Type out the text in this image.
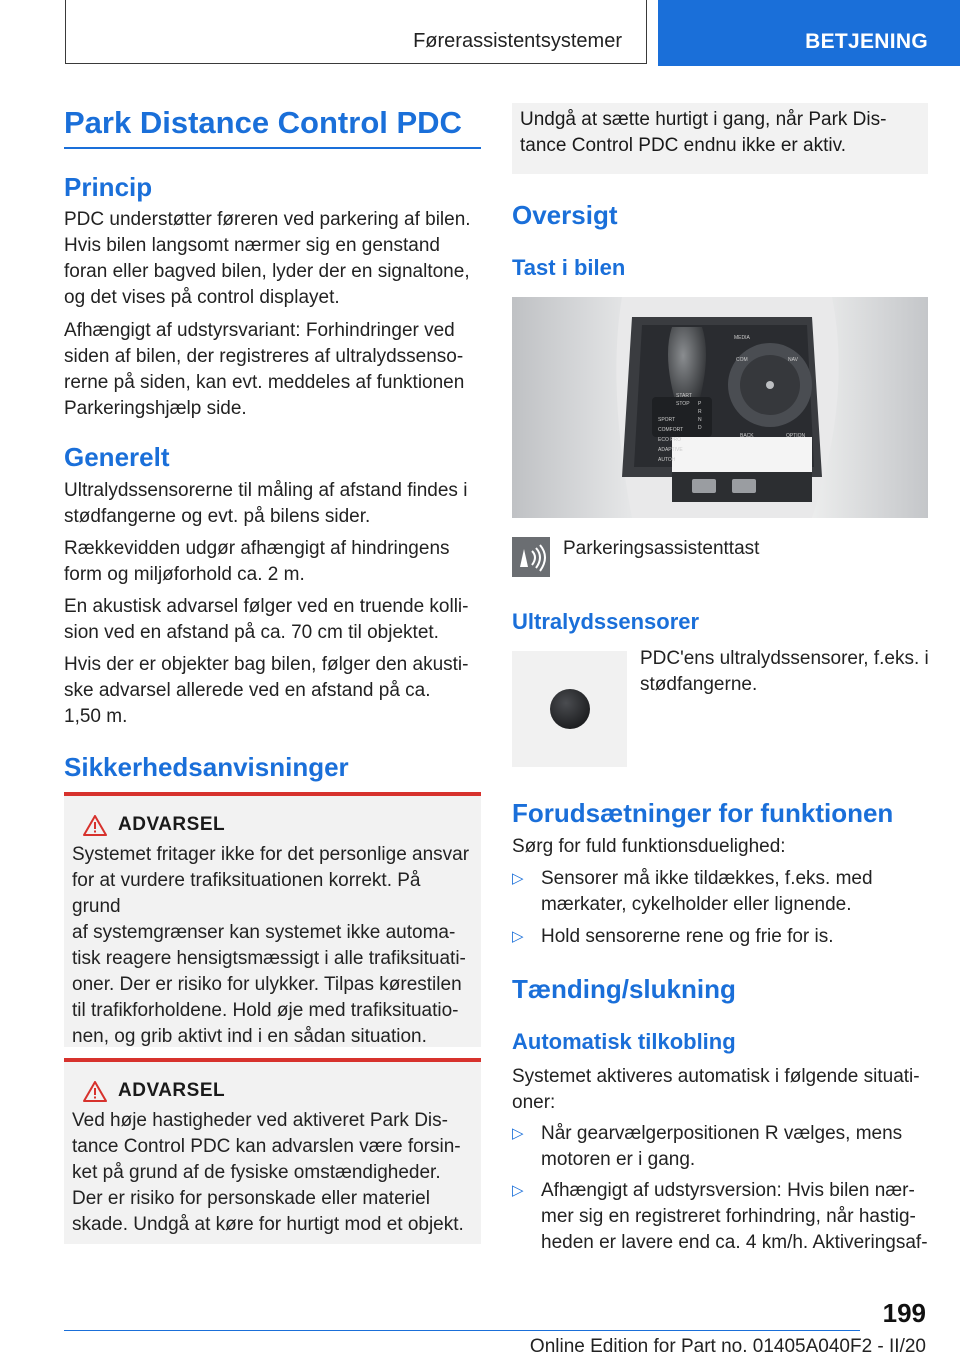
Førerassistentsystemer	BETJENING
Park Distance Control PDC
Princip

PDC understøtter føreren ved parkering af bilen.
Hvis bilen langsomt nærmer sig en genstand
foran eller bagved bilen, lyder der en signaltone,
og det vises på control displayet.

Afhængigt af udstyrsvariant: Forhindringer ved
siden af bilen, der registreres af ultralydssenso-
rerne på siden, kan evt. meddeles af funktionen
Parkeringshjælp side.

Generelt

Ultralydssensorerne til måling af afstand findes i
stødfangerne og evt. på bilens sider.

Rækkevidden udgør afhængigt af hindringens
form og miljøforhold ca. 2 m.

En akustisk advarsel følger ved en truende kolli-
sion ved en afstand på ca. 70 cm til objektet.

Hvis der er objekter bag bilen, følger den akusti-
ske advarsel allerede ved en afstand på ca.
1,50 m.

Sikkerhedsanvisninger
ADVARSEL
Systemet fritager ikke for det personlige ansvar
for at vurdere trafiksituationen korrekt. På grund
af systemgrænser kan systemet ikke automa-
tisk reagere hensigtsmæssigt i alle trafiksituati-
oner. Der er risiko for ulykker. Tilpas kørestilen
til trafikforholdene. Hold øje med trafiksituatio-
nen, og grib aktivt ind i en sådan situation.
ADVARSEL
Ved høje hastigheder ved aktiveret Park Dis-
tance Control PDC kan advarslen være forsin-
ket på grund af de fysiske omstændigheder.
Der er risiko for personskade eller materiel
skade. Undgå at køre for hurtigt mod et objekt.
Undgå at sætte hurtigt i gang, når Park Dis-
tance Control PDC endnu ikke er aktiv.
Oversigt
Tast i bilen
MEDIA
COM	NAV
BACK	OPTION
START
STOP
SPORT
COMFORT
ECO PRO
ADAPTIVE
AUTOH
P
R
N
D

Parkeringsassistenttast

Ultralydssensorer

PDC'ens ultralydssensorer, f.eks. i
stødfangerne.

Forudsætninger for funktionen

Sørg for fuld funktionsduelighed:

▷ Sensorer må ikke tildækkes, f.eks. med
mærkater, cykelholder eller lignende.
▷ Hold sensorerne rene og frie for is.
Tænding/slukning
Automatisk tilkobling

Systemet aktiveres automatisk i følgende situati-
oner:

▷ Når gearvælgerpositionen R vælges, mens
motoren er i gang.
▷ Afhængigt af udstyrsversion: Hvis bilen nær-
mer sig en registreret forhindring, når hastig-
heden er lavere end ca. 4 km/h. Aktiveringsaf-
199
Online Edition for Part no. 01405A040F2 - II/20
